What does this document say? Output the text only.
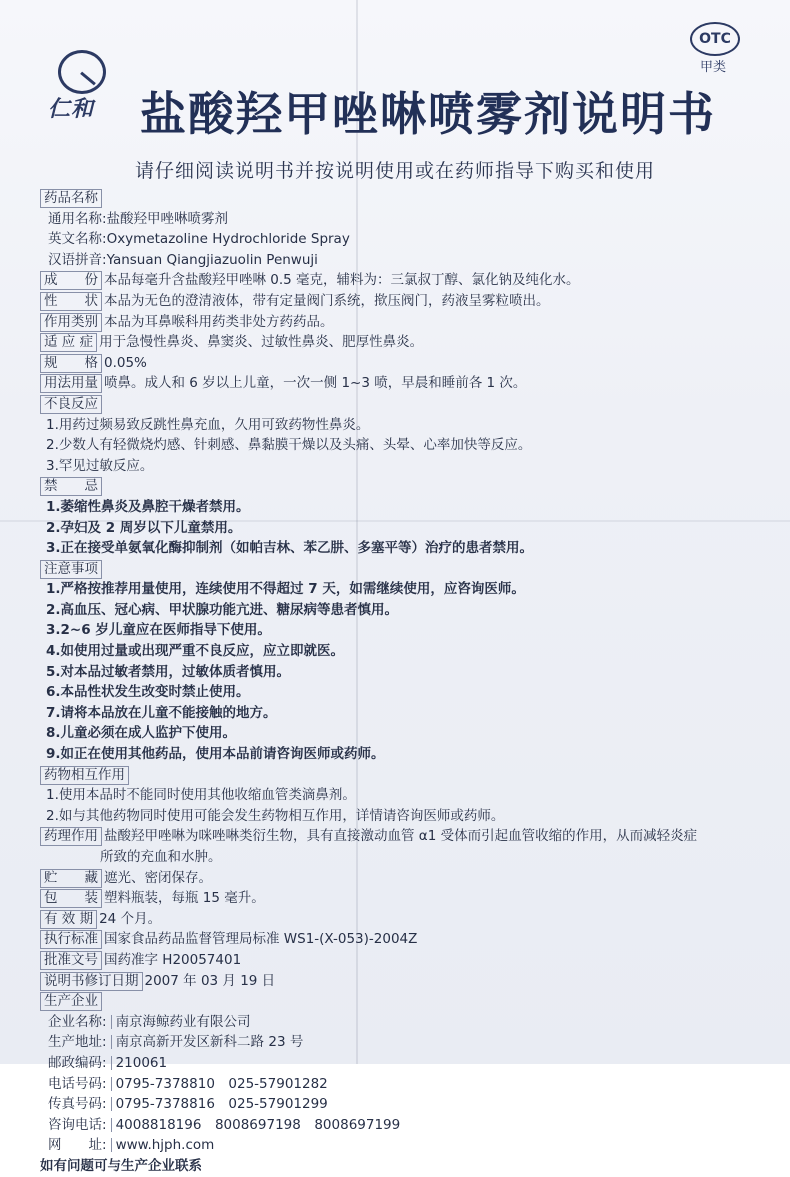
仁和
OTC
甲类
盐酸羟甲唑啉喷雾剂说明书
请仔细阅读说明书并按说明使用或在药师指导下购买和使用
药品名称
通用名称:盐酸羟甲唑啉喷雾剂
英文名称:Oxymetazoline Hydrochloride Spray
汉语拼音:Yansuan Qiangjiazuolin Penwuji
成　　份 本品每毫升含盐酸羟甲唑啉 0.5 毫克，辅料为：三氯叔丁醇、氯化钠及纯化水。
性　　状 本品为无色的澄清液体，带有定量阀门系统，揿压阀门，药液呈雾粒喷出。
作用类别 本品为耳鼻喉科用药类非处方药药品。
适 应 症 用于急慢性鼻炎、鼻窦炎、过敏性鼻炎、肥厚性鼻炎。
规　　格 0.05%
用法用量 喷鼻。成人和 6 岁以上儿童，一次一侧 1~3 喷，早晨和睡前各 1 次。
不良反应
1.用药过频易致反跳性鼻充血，久用可致药物性鼻炎。
2.少数人有轻微烧灼感、针刺感、鼻黏膜干燥以及头痛、头晕、心率加快等反应。
3.罕见过敏反应。
禁　　忌
1.萎缩性鼻炎及鼻腔干燥者禁用。
2.孕妇及 2 周岁以下儿童禁用。
3.正在接受单氨氧化酶抑制剂（如帕吉林、苯乙肼、多塞平等）治疗的患者禁用。
注意事项
1.严格按推荐用量使用，连续使用不得超过 7 天，如需继续使用，应咨询医师。
2.高血压、冠心病、甲状腺功能亢进、糖尿病等患者慎用。
3.2~6 岁儿童应在医师指导下使用。
4.如使用过量或出现严重不良反应，应立即就医。
5.对本品过敏者禁用，过敏体质者慎用。
6.本品性状发生改变时禁止使用。
7.请将本品放在儿童不能接触的地方。
8.儿童必须在成人监护下使用。
9.如正在使用其他药品，使用本品前请咨询医师或药师。
药物相互作用
1.使用本品时不能同时使用其他收缩血管类滴鼻剂。
2.如与其他药物同时使用可能会发生药物相互作用，详情请咨询医师或药师。
药理作用 盐酸羟甲唑啉为咪唑啉类衍生物，具有直接激动血管 α1 受体而引起血管收缩的作用，从而减轻炎症
所致的充血和水肿。
贮　　藏 遮光、密闭保存。
包　　装 塑料瓶装，每瓶 15 毫升。
有 效 期 24 个月。
执行标准 国家食品药品监督管理局标准 WS1-(X-053)-2004Z
批准文号 国药准字 H20057401
说明书修订日期 2007 年 03 月 19 日
生产企业
企业名称: 南京海鲸药业有限公司
生产地址: 南京高新开发区新科二路 23 号
邮政编码: 210061
电话号码: 0795-7378810　025-57901282
传真号码: 0795-7378816　025-57901299
咨询电话: 4008818196　8008697198　8008697199
网　　址: www.hjph.com
如有问题可与生产企业联系
